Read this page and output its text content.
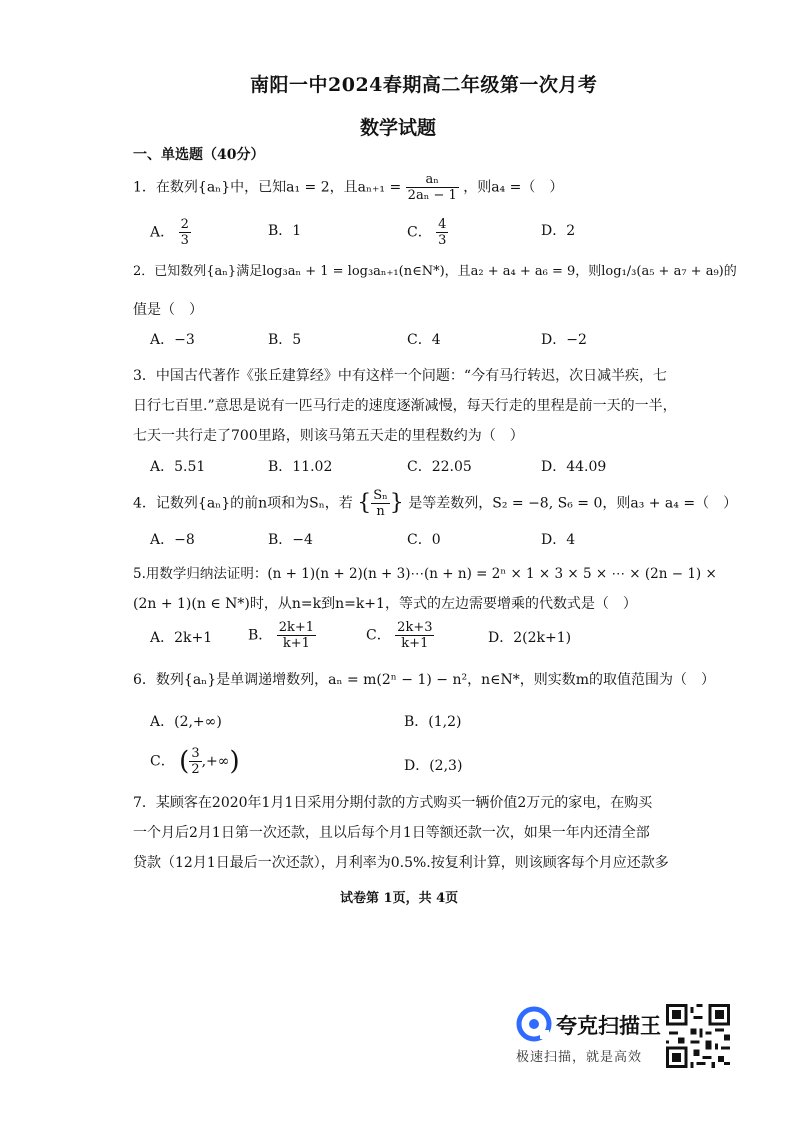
南阳一中2024春期高二年级第一次月考
数学试题
一、单选题（40分）
1．在数列{aₙ}中，已知a₁ = 2，且$a_{n+1} = \frac{\text{aₙ}}{\text{2aₙ − 1}}$ ，则a₄ =（　）
A． $\frac{2}{3}$	B．1	C． $\frac{4}{3}$	D．2
2．已知数列{aₙ}满足log₃aₙ + 1 = log₃aₙ₊₁(n∈N*)，且a₂ + a₄ + a₆ = 9，则log₁/₃(a₅ + a₇ + a₉)的
值是（　）
A．−3	B．5	C．4	D．−2
3．中国古代著作《张丘建算经》中有这样一个问题：“今有马行转迟，次日减半疾，七
日行七百里.”意思是说有一匹马行走的速度逐渐减慢，每天行走的里程是前一天的一半，
七天一共行走了700里路，则该马第五天走的里程数约为（　）
A．5.51	B．11.02	C．22.05	D．44.09
4．记数列{aₙ}的前n项和为Sₙ，若 { $\frac{\text{Sₙ}}{n}$ } 是等差数列，S₂ = −8, S₆ = 0，则a₃ + a₄ =（　）
A．−8	B．−4	C．0	D．4
5.用数学归纳法证明：(n + 1)(n + 2)(n + 3)⋯(n + n) = 2ⁿ × 1 × 3 × 5 × ⋯ × (2n − 1) ×
(2n + 1)(n ∈ N*)时，从n=k到n=k+1，等式的左边需要增乘的代数式是（　）
A．2k+1	B． $\frac{2k+1}{k+1}$	C． $\frac{2k+3}{k+1}$	D．2(2k+1)
6．数列{aₙ}是单调递增数列，aₙ = m(2ⁿ − 1) − n²，n∈N*，则实数m的取值范围为（　）
A．(2,+∞)	B．(1,2)
C． ( $\frac{3}{2}$ ,+∞)	D．(2,3)
7．某顾客在2020年1月1日采用分期付款的方式购买一辆价值2万元的家电，在购买
一个月后2月1日第一次还款，且以后每个月1日等额还款一次，如果一年内还清全部
贷款（12月1日最后一次还款），月利率为0.5%.按复利计算，则该顾客每个月应还款多
试卷第 1页，共 4页
夸克扫描王
极速扫描，就是高效
